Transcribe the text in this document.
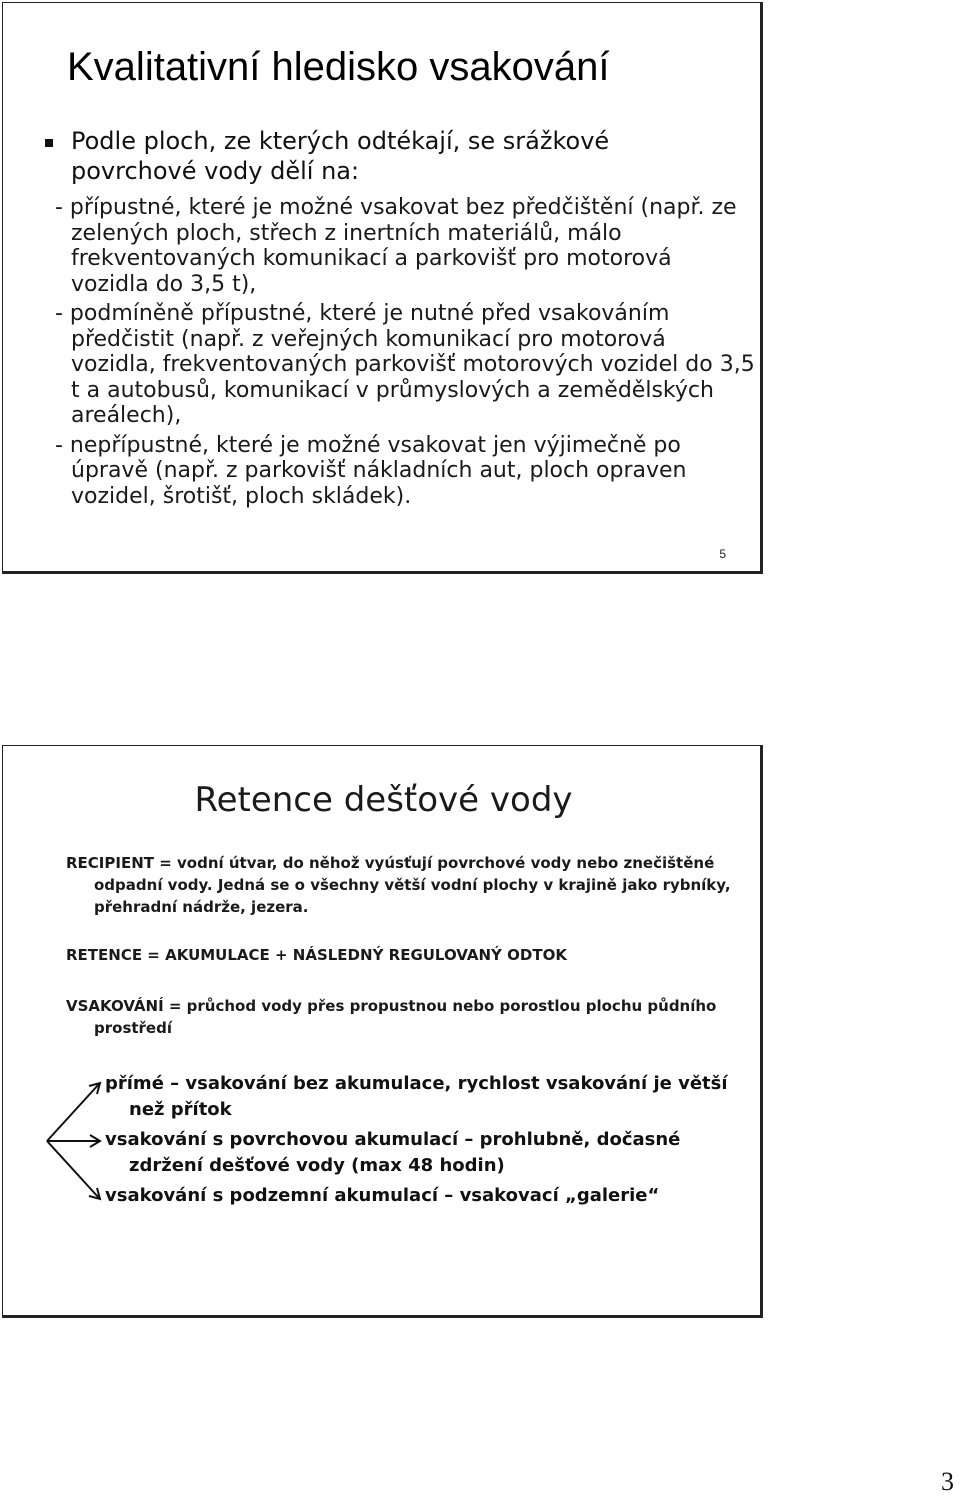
Kvalitativní hledisko vsakování
Podle ploch, ze kterých odtékají, se srážkové povrchové vody dělí na:
- přípustné, které je možné vsakovat bez předčištění (např. ze zelených ploch, střech z inertních materiálů, málo frekventovaných komunikací a parkovišť pro motorová vozidla do 3,5 t),
- podmíněně přípustné, které je nutné před vsakováním předčistit (např. z veřejných komunikací pro motorová vozidla, frekventovaných parkovišť motorových vozidel do 3,5 t a autobusů, komunikací v průmyslových a zemědělských areálech),
- nepřípustné, které je možné vsakovat jen výjimečně po úpravě (např. z parkovišť nákladních aut, ploch opraven vozidel, šrotišť, ploch skládek).
5
Retence dešťové vody
RECIPIENT = vodní útvar, do něhož vyúsťují povrchové vody nebo znečištěné odpadní vody. Jedná se o všechny větší vodní plochy v krajině jako rybníky, přehradní nádrže, jezera.
RETENCE = AKUMULACE + NÁSLEDNÝ REGULOVANÝ ODTOK
VSAKOVÁNÍ = průchod vody přes propustnou nebo porostlou plochu půdního prostředí
přímé – vsakování bez akumulace, rychlost vsakování je větší než přítok
vsakování s povrchovou akumulací – prohlubně, dočasné zdržení dešťové vody (max 48 hodin)
vsakování s podzemní akumulací – vsakovací „galerie“
3
